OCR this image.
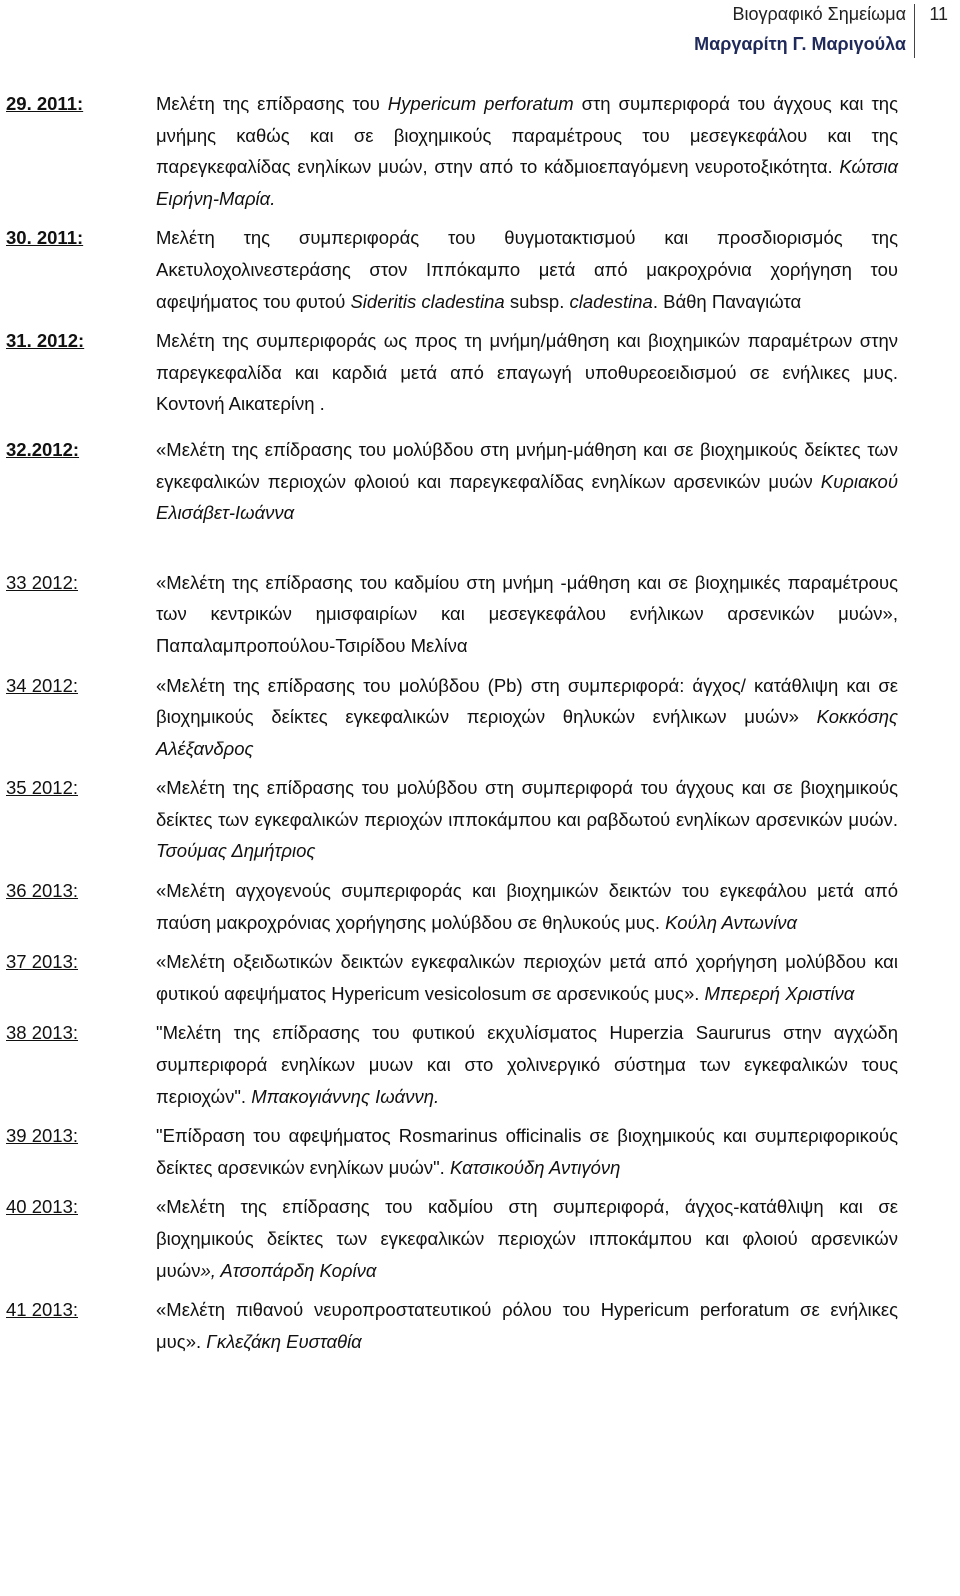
Βιογραφικό Σημείωμα
Μαργαρίτη Γ. Μαριγούλα
11
29. 2011:	Μελέτη της επίδρασης του Hypericum perforatum στη συμπεριφορά του άγχους και της μνήμης καθώς και σε βιοχημικούς παραμέτρους του μεσεγκεφάλου και της παρεγκεφαλίδας ενηλίκων μυών, στην από το κάδμιοεπαγόμενη νευροτοξικότητα. Κώτσια Ειρήνη-Μαρία.
30. 2011:	Μελέτη της συμπεριφοράς του θυγμοτακτισμού και προσδιορισμός της Ακετυλοχολινεστεράσης στον Ιππόκαμπο μετά από μακροχρόνια χορήγηση του αφεψήματος του φυτού Sideritis cladestina subsp. cladestina. Βάθη Παναγιώτα
31. 2012:	Μελέτη της συμπεριφοράς ως προς τη μνήμη/μάθηση και βιοχημικών παραμέτρων στην παρεγκεφαλίδα και καρδιά μετά από επαγωγή υποθυρεοειδισμού σε ενήλικες μυς. Κοντονή Αικατερίνη .
32.2012:	«Μελέτη της επίδρασης του μολύβδου στη μνήμη-μάθηση και σε βιοχημικούς δείκτες των εγκεφαλικών περιοχών φλοιού και παρεγκεφαλίδας ενηλίκων αρσενικών μυών Κυριακού Ελισάβετ-Ιωάννα
33 2012:	«Μελέτη της επίδρασης του καδμίου στη μνήμη -μάθηση και σε βιοχημικές παραμέτρους των κεντρικών ημισφαιρίων και μεσεγκεφάλου ενήλικων αρσενικών μυών», Παπαλαμπροπούλου-Τσιρίδου Μελίνα
34 2012:	«Μελέτη της επίδρασης του μολύβδου (Pb) στη συμπεριφορά: άγχος/ κατάθλιψη και σε βιοχημικούς δείκτες εγκεφαλικών περιοχών θηλυκών ενήλικων μυών» Κοκκόσης Αλέξανδρος
35 2012:	«Μελέτη της επίδρασης του μολύβδου στη συμπεριφορά του άγχους και σε βιοχημικούς δείκτες των εγκεφαλικών περιοχών ιπποκάμπου και ραβδωτού ενηλίκων αρσενικών μυών. Τσούμας Δημήτριος
36 2013:	«Μελέτη αγχογενούς συμπεριφοράς και βιοχημικών δεικτών του εγκεφάλου μετά από παύση μακροχρόνιας χορήγησης μολύβδου σε θηλυκούς μυς. Κούλη Αντωνίνα
37 2013:	«Μελέτη οξειδωτικών δεικτών εγκεφαλικών περιοχών μετά από χορήγηση μολύβδου και φυτικού αφεψήματος Hypericum vesicolosum σε αρσενικούς μυς». Μπερερή Χριστίνα
38 2013:	"Μελέτη της επίδρασης του φυτικού εκχυλίσματος Huperzia Saururus στην αγχώδη συμπεριφορά ενηλίκων μυων και στο χολινεργικό σύστημα των εγκεφαλικών τους περιοχών". Μπακογιάννης Ιωάννη.
39 2013:	"Επίδραση του αφεψήματος Rosmarinus officinalis σε βιοχημικούς και συμπεριφορικούς δείκτες αρσενικών ενηλίκων μυών". Κατσικούδη Αντιγόνη
40 2013:	«Μελέτη της επίδρασης του καδμίου στη συμπεριφορά, άγχος-κατάθλιψη και σε βιοχημικούς δείκτες των εγκεφαλικών περιοχών ιπποκάμπου και φλοιού αρσενικών μυών», Ατσοπάρδη Κορίνα
41 2013:	«Μελέτη πιθανού νευροπροστατευτικού ρόλου του Hypericum perforatum σε ενήλικες μυς». Γκλεζάκη Ευσταθία
